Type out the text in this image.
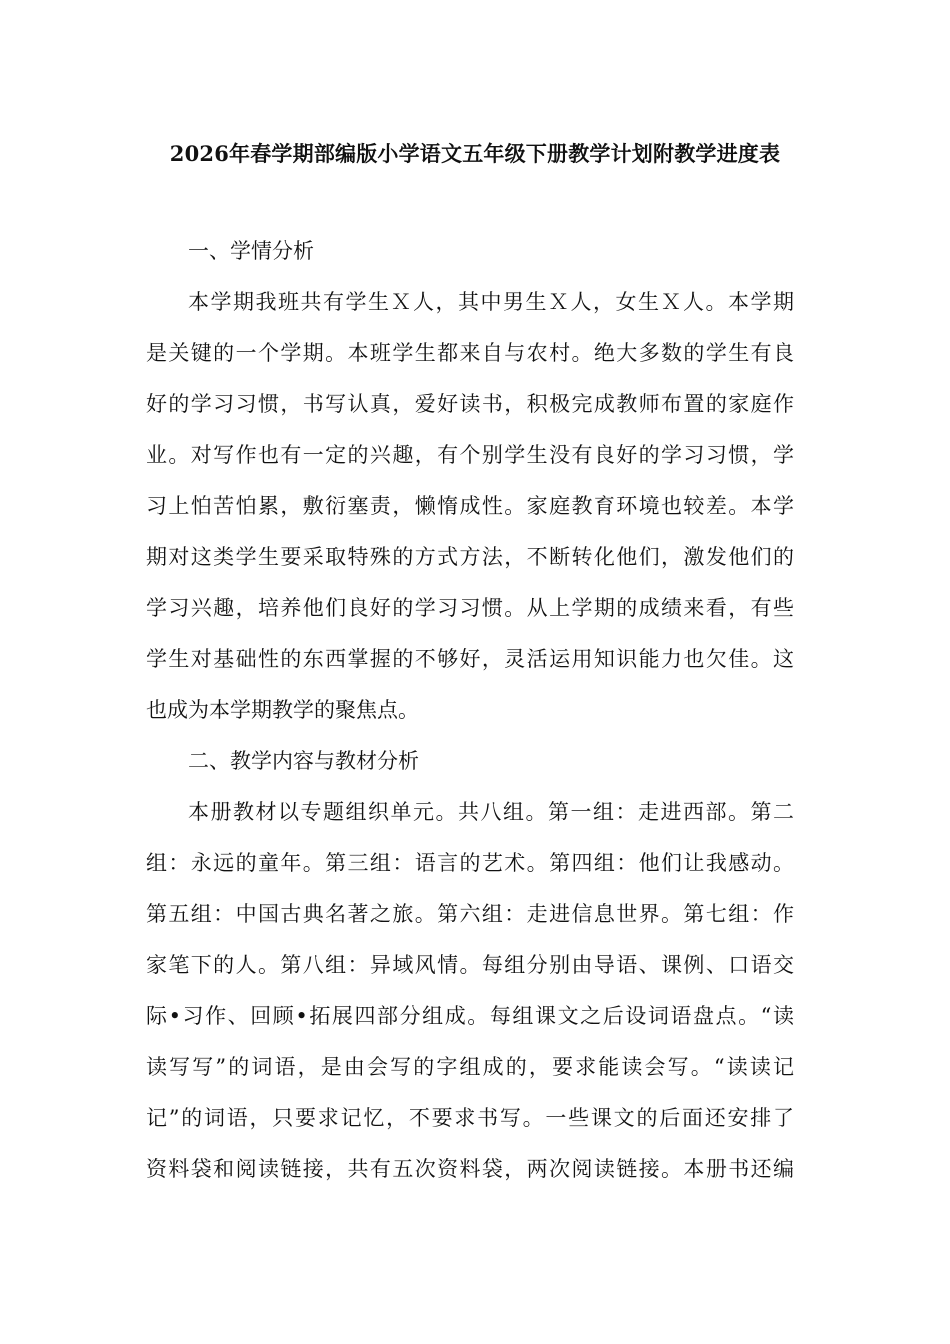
2026年春学期部编版小学语文五年级下册教学计划附教学进度表

一、学情分析

本学期我班共有学生Ｘ人，其中男生Ｘ人，女生Ｘ人。本学期

是关键的一个学期。本班学生都来自与农村。绝大多数的学生有良

好的学习习惯，书写认真，爱好读书，积极完成教师布置的家庭作

业。对写作也有一定的兴趣，有个别学生没有良好的学习习惯，学

习上怕苦怕累，敷衍塞责，懒惰成性。家庭教育环境也较差。本学

期对这类学生要采取特殊的方式方法，不断转化他们，激发他们的

学习兴趣，培养他们良好的学习习惯。从上学期的成绩来看，有些

学生对基础性的东西掌握的不够好，灵活运用知识能力也欠佳。这

也成为本学期教学的聚焦点。

二、教学内容与教材分析

本册教材以专题组织单元。共八组。第一组：走进西部。第二

组：永远的童年。第三组：语言的艺术。第四组：他们让我感动。

第五组：中国古典名著之旅。第六组：走进信息世界。第七组：作

家笔下的人。第八组：异域风情。每组分别由导语、课例、口语交

际•习作、回顾•拓展四部分组成。每组课文之后设词语盘点。“读

读写写”的词语，是由会写的字组成的，要求能读会写。“读读记

记”的词语，只要求记忆，不要求书写。一些课文的后面还安排了

资料袋和阅读链接，共有五次资料袋，两次阅读链接。本册书还编
